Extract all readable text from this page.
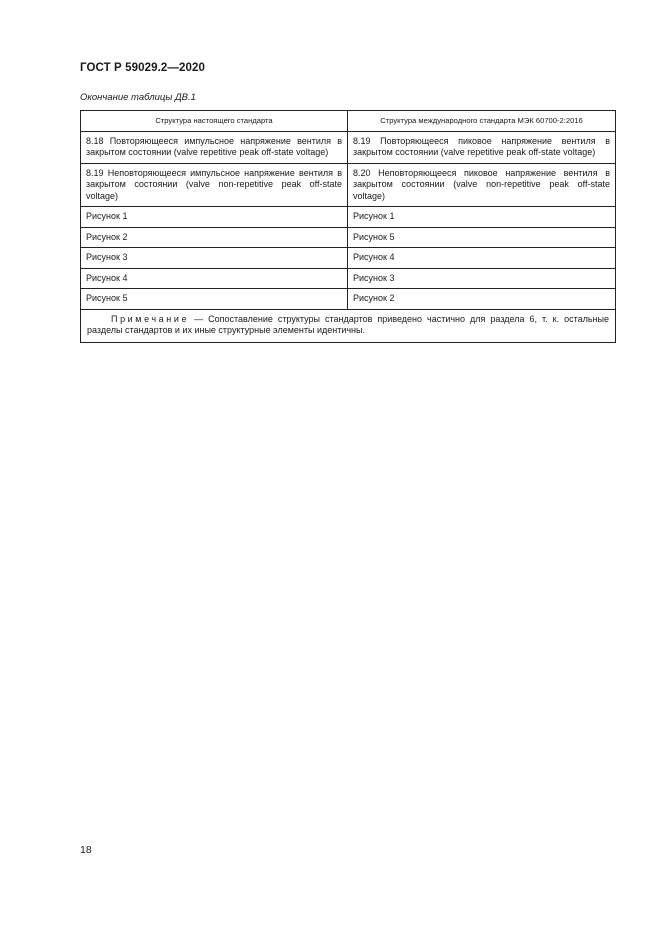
ГОСТ Р 59029.2—2020
Окончание таблицы ДВ.1
Структура настоящего стандарта	Структура международного стандарта МЭК 60700-2:2016
8.18 Повторяющееся импульсное напряжение вентиля в закрытом состоянии (valve repetitive peak off-state voltage)	8.19 Повторяющееся пиковое напряжение вентиля в закрытом состоянии (valve repetitive peak off-state voltage)
8.19 Неповторяющееся импульсное напряжение вентиля в закрытом состоянии (valve non-repetitive peak off-state voltage)	8.20 Неповторяющееся пиковое напряжение вентиля в закрытом состоянии (valve non-repetitive peak off-state voltage)
Рисунок 1	Рисунок 1
Рисунок 2	Рисунок 5
Рисунок 3	Рисунок 4
Рисунок 4	Рисунок 3
Рисунок 5	Рисунок 2
Примечание — Сопоставление структуры стандартов приведено частично для раздела 6, т. к. остальные разделы стандартов и их иные структурные элементы идентичны.	
18
